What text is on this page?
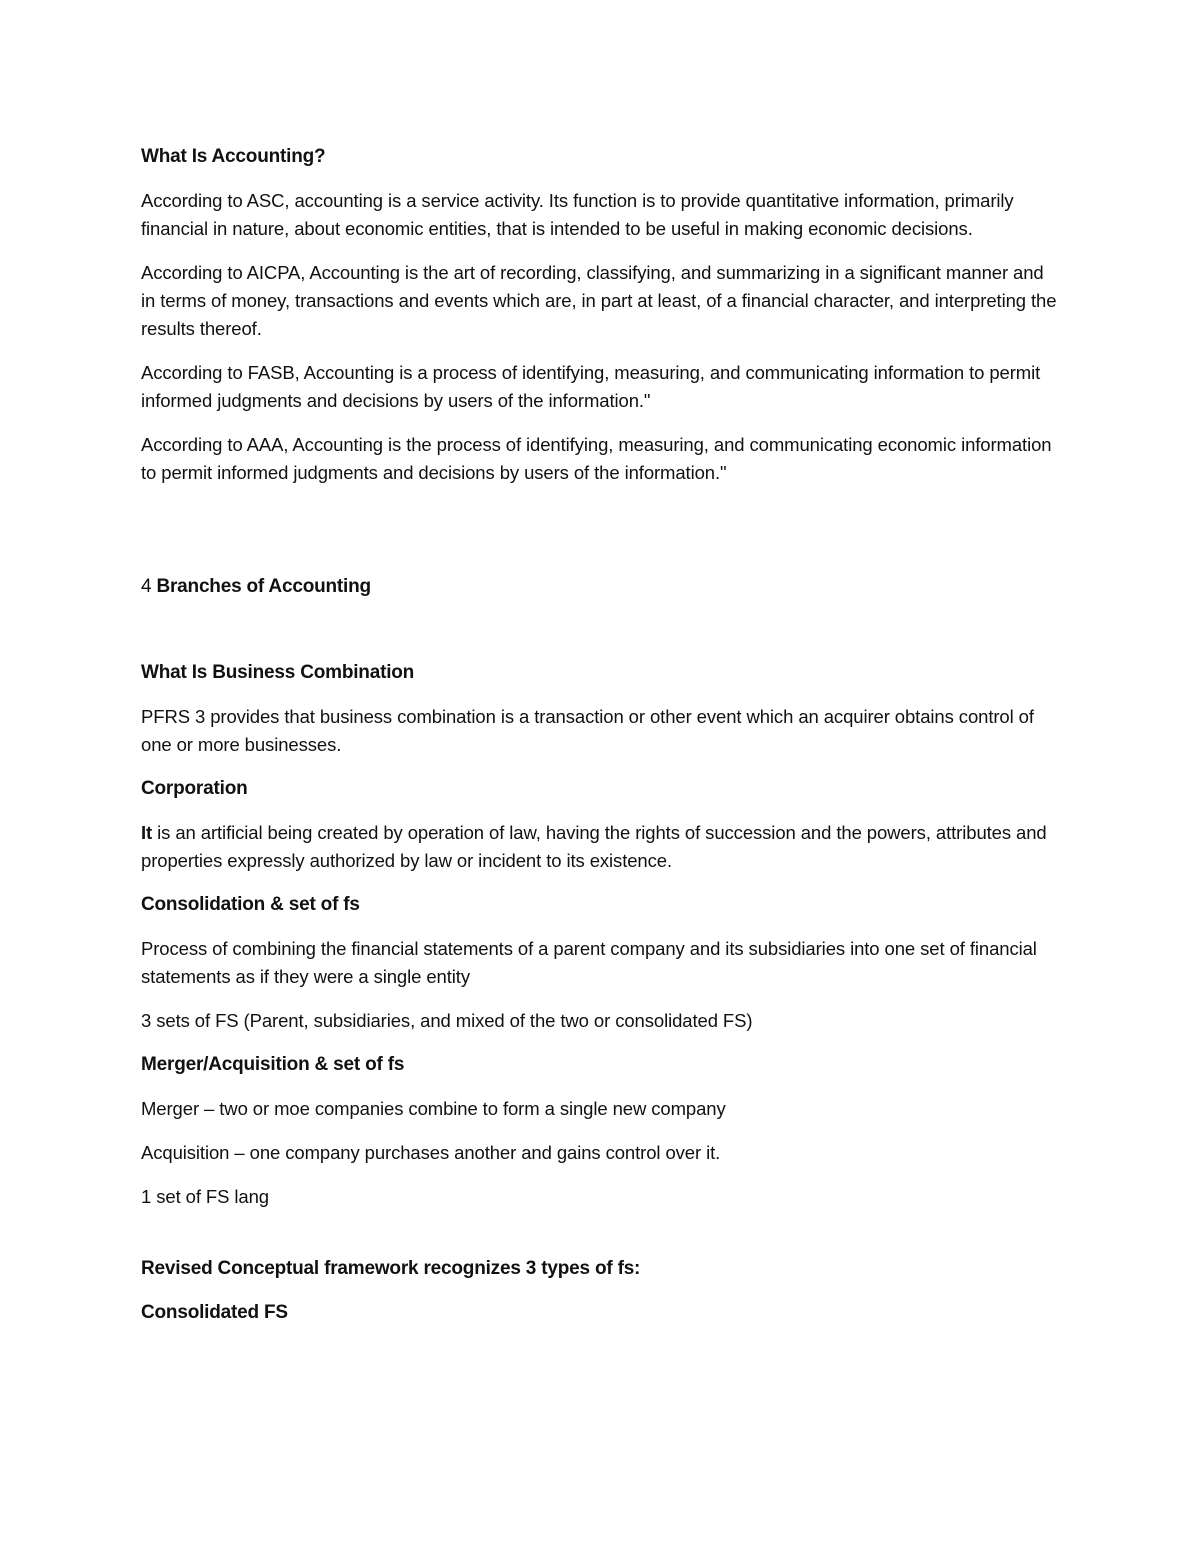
What Is Accounting?

According to ASC, accounting is a service activity. Its function is to provide quantitative information, primarily financial in nature, about economic entities, that is intended to be useful in making economic decisions.

According to AICPA, Accounting is the art of recording, classifying, and summarizing in a significant manner and in terms of money, transactions and events which are, in part at least, of a financial character, and interpreting the results thereof.

According to FASB, Accounting is a process of identifying, measuring, and communicating information to permit informed judgments and decisions by users of the information."

According to AAA, Accounting is the process of identifying, measuring, and communicating economic information to permit informed judgments and decisions by users of the information."

4 Branches of Accounting

What Is Business Combination

PFRS 3 provides that business combination is a transaction or other event which an acquirer obtains control of one or more businesses.

Corporation

It is an artificial being created by operation of law, having the rights of succession and the powers, attributes and properties expressly authorized by law or incident to its existence.

Consolidation & set of fs

Process of combining the financial statements of a parent company and its subsidiaries into one set of financial statements as if they were a single entity

3 sets of FS (Parent, subsidiaries, and mixed of the two or consolidated FS)

Merger/Acquisition & set of fs

Merger – two or moe companies combine to form a single new company

Acquisition – one company purchases another and gains control over it.

1 set of FS lang

Revised Conceptual framework recognizes 3 types of fs:

Consolidated FS
